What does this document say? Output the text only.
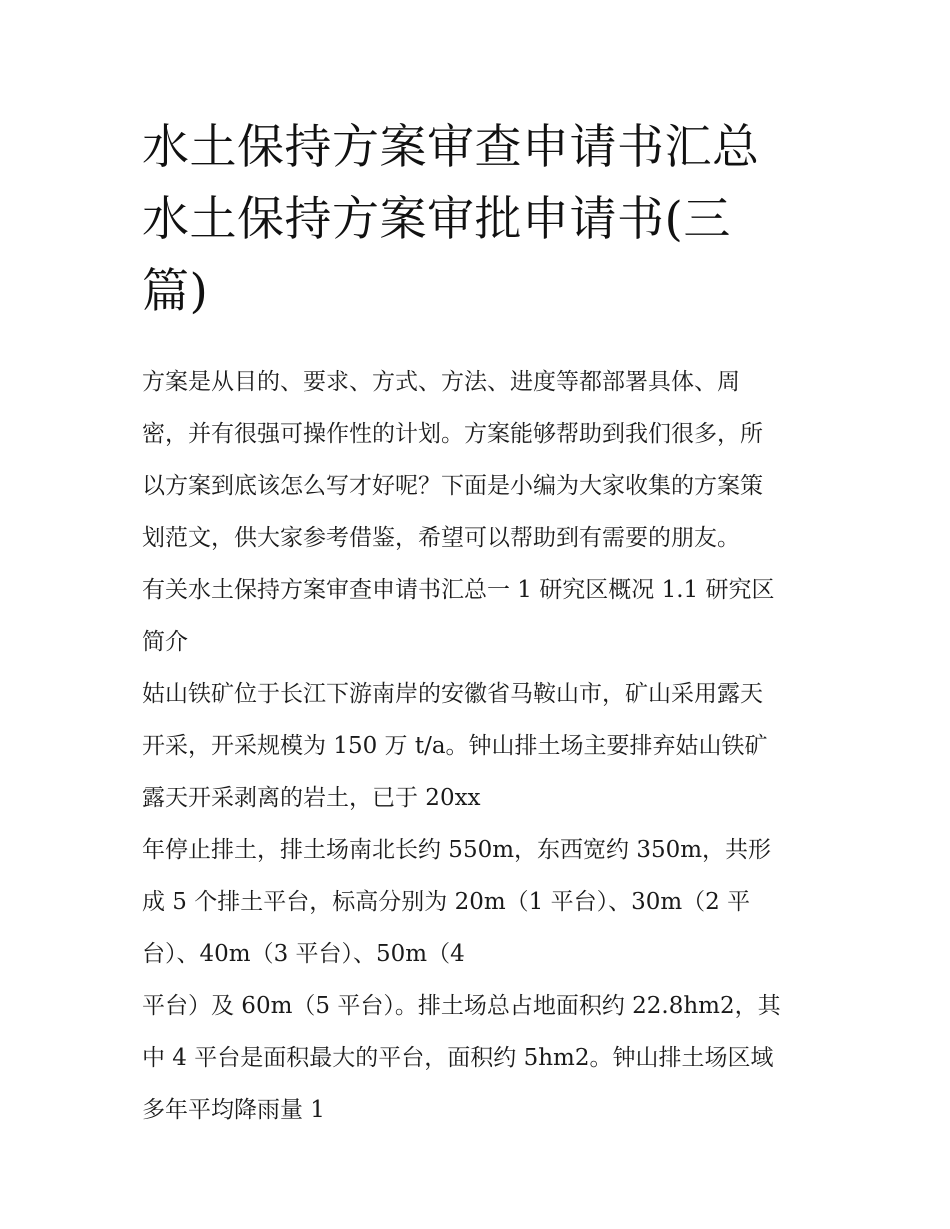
水土保持方案审查申请书汇总
水土保持方案审批申请书(三
篇)

方案是从目的、要求、方式、方法、进度等都部署具体、周
密，并有很强可操作性的计划。方案能够帮助到我们很多，所
以方案到底该怎么写才好呢？下面是小编为大家收集的方案策
划范文，供大家参考借鉴，希望可以帮助到有需要的朋友。

有关水土保持方案审查申请书汇总一 1 研究区概况 1.1 研究区
简介

姑山铁矿位于长江下游南岸的安徽省马鞍山市，矿山采用露天
开采，开采规模为 150 万 t/a。钟山排土场主要排弃姑山铁矿
露天开采剥离的岩土，已于 20xx

年停止排土，排土场南北长约 550m，东西宽约 350m，共形
成 5 个排土平台，标高分别为 20m（1 平台）、30m（2 平
台）、40m（3 平台）、50m（4

平台）及 60m（5 平台）。排土场总占地面积约 22.8hm2，其
中 4 平台是面积最大的平台，面积约 5hm2。钟山排土场区域
多年平均降雨量 1
